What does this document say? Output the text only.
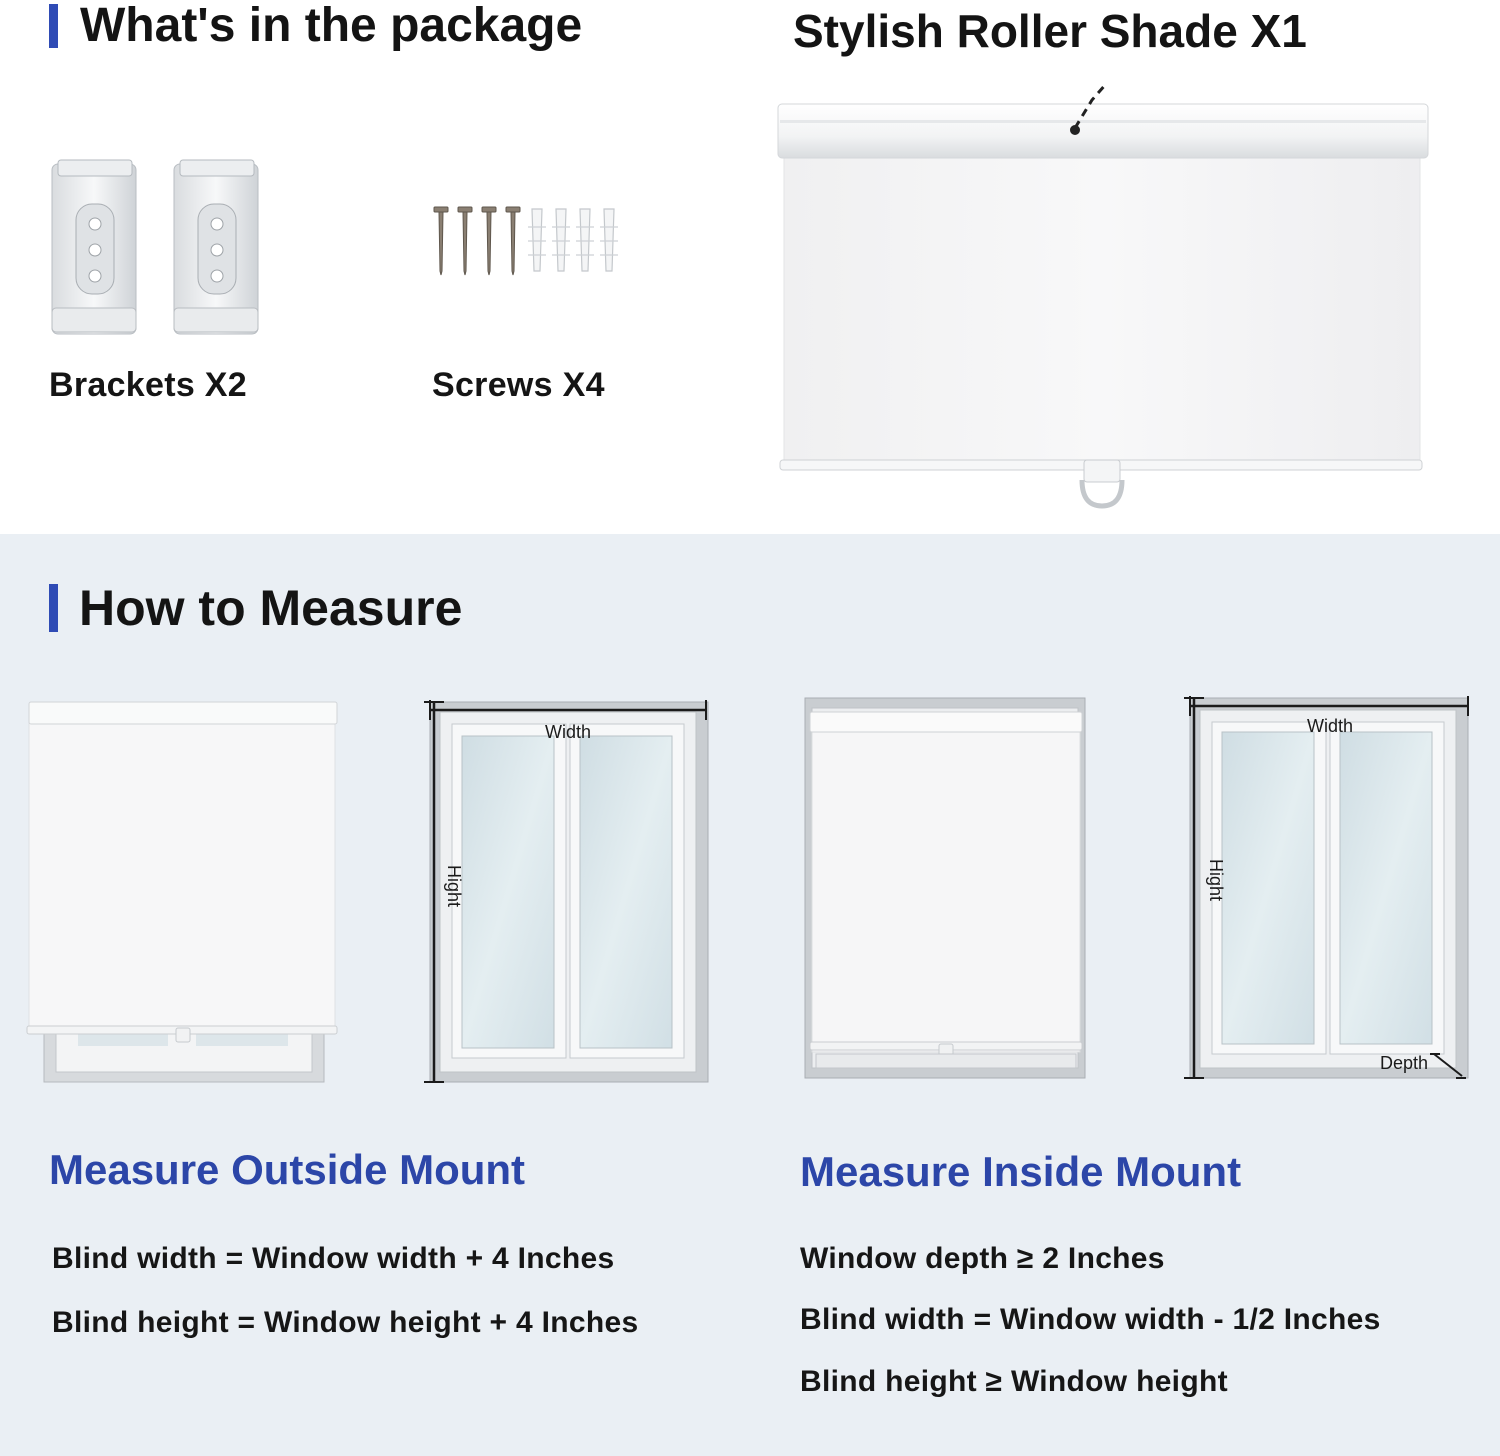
What's in the package
Brackets X2	Screws X4
Stylish Roller Shade X1
How to Measure
Width
Hight
Width
Hight
Depth
Measure Outside Mount
Blind width = Window width + 4 Inches
Blind height = Window height + 4 Inches
Measure Inside Mount
Window depth ≥ 2 Inches
Blind width = Window width - 1/2 Inches
Blind height ≥ Window height
